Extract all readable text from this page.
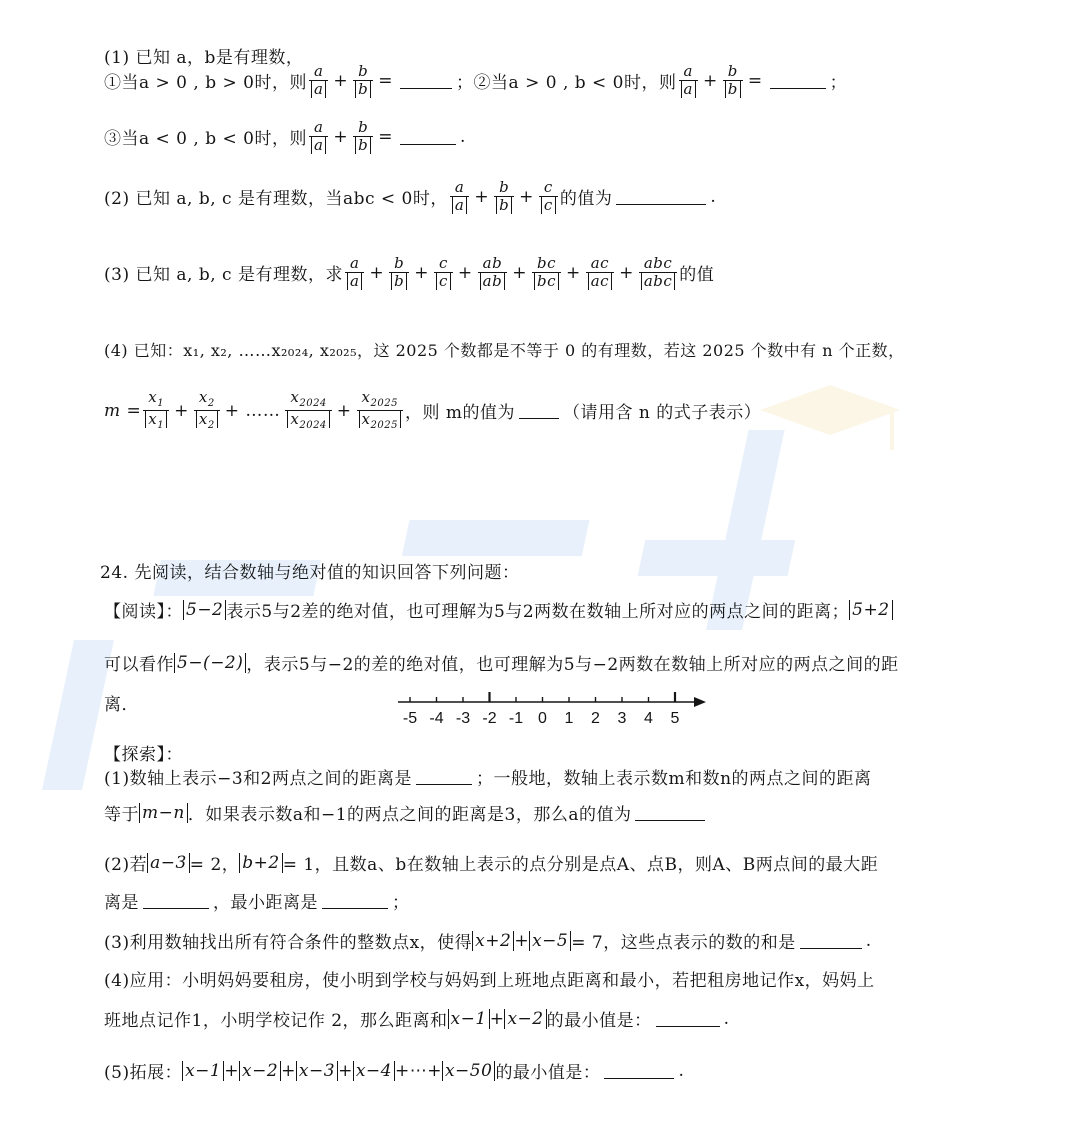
(1) 已知 a，b是有理数，
①当a > 0 , b > 0时，则 $\frac{a}{a} + \frac{b}{b}$ =	；②当a > 0 , b < 0时，则 $\frac{a}{a} + \frac{b}{b}$ =	；
③当a < 0 , b < 0时，则 $\frac{a}{a} + \frac{b}{b}$ =	.
(2) 已知 a, b, c 是有理数，当abc < 0时， $\frac{a}{a} + \frac{b}{b} + \frac{c}{c}$ 的值为	.
(3) 已知 a, b, c 是有理数，求 $\frac{a}{a} + \frac{b}{b} + \frac{c}{c} + \frac{ab}{ab} + \frac{bc}{bc} + \frac{ac}{ac} + \frac{\text{abc}}{\text{abc}}$ 的值
(4) 已知：x₁, x₂, ……x₂₀₂₄, x₂₀₂₅，这 2025 个数都是不等于 0 的有理数，若这 2025 个数中有 n 个正数，
$m = \frac{x_1}{x_1} + \frac{x_2}{x_2}$ + …… $\frac{x_{2024}}{x_{2024}} + \frac{x_{2025}}{x_{2025}}$ ，则 m的值为	（请用含 n 的式子表示）
24. 先阅读，结合数轴与绝对值的知识回答下列问题：
【阅读】： 5−2 表示5与2差的绝对值，也可理解为5与2两数在数轴上所对应的两点之间的距离； 5+2
可以看作 5−(−2) ，表示5与−2的差的绝对值，也可理解为5与−2两数在数轴上所对应的两点之间的距
离．
-5 -4 -3 -2 -1 0 1 2 3 4 5
【探索】：
(1)数轴上表示−3和2两点之间的距离是	；一般地，数轴上表示数m和数n的两点之间的距离
等于 m−n ．如果表示数a和−1的两点之间的距离是3，那么a的值为
(2)若 a−3 = 2， b+2 = 1，且数a、b在数轴上表示的点分别是点A、点B，则A、B两点间的最大距
离是	，最小距离是	；
(3)利用数轴找出所有符合条件的整数点x，使得 x+2 + x−5 = 7，这些点表示的数的和是	.
(4)应用：小明妈妈要租房，使小明到学校与妈妈到上班地点距离和最小，若把租房地记作x，妈妈上
班地点记作1，小明学校记作 2，那么距离和 x−1 + x−2 的最小值是：	.
(5)拓展： x−1 + x−2 + x−3 + x−4 +⋯+ x−50 的最小值是：	.
